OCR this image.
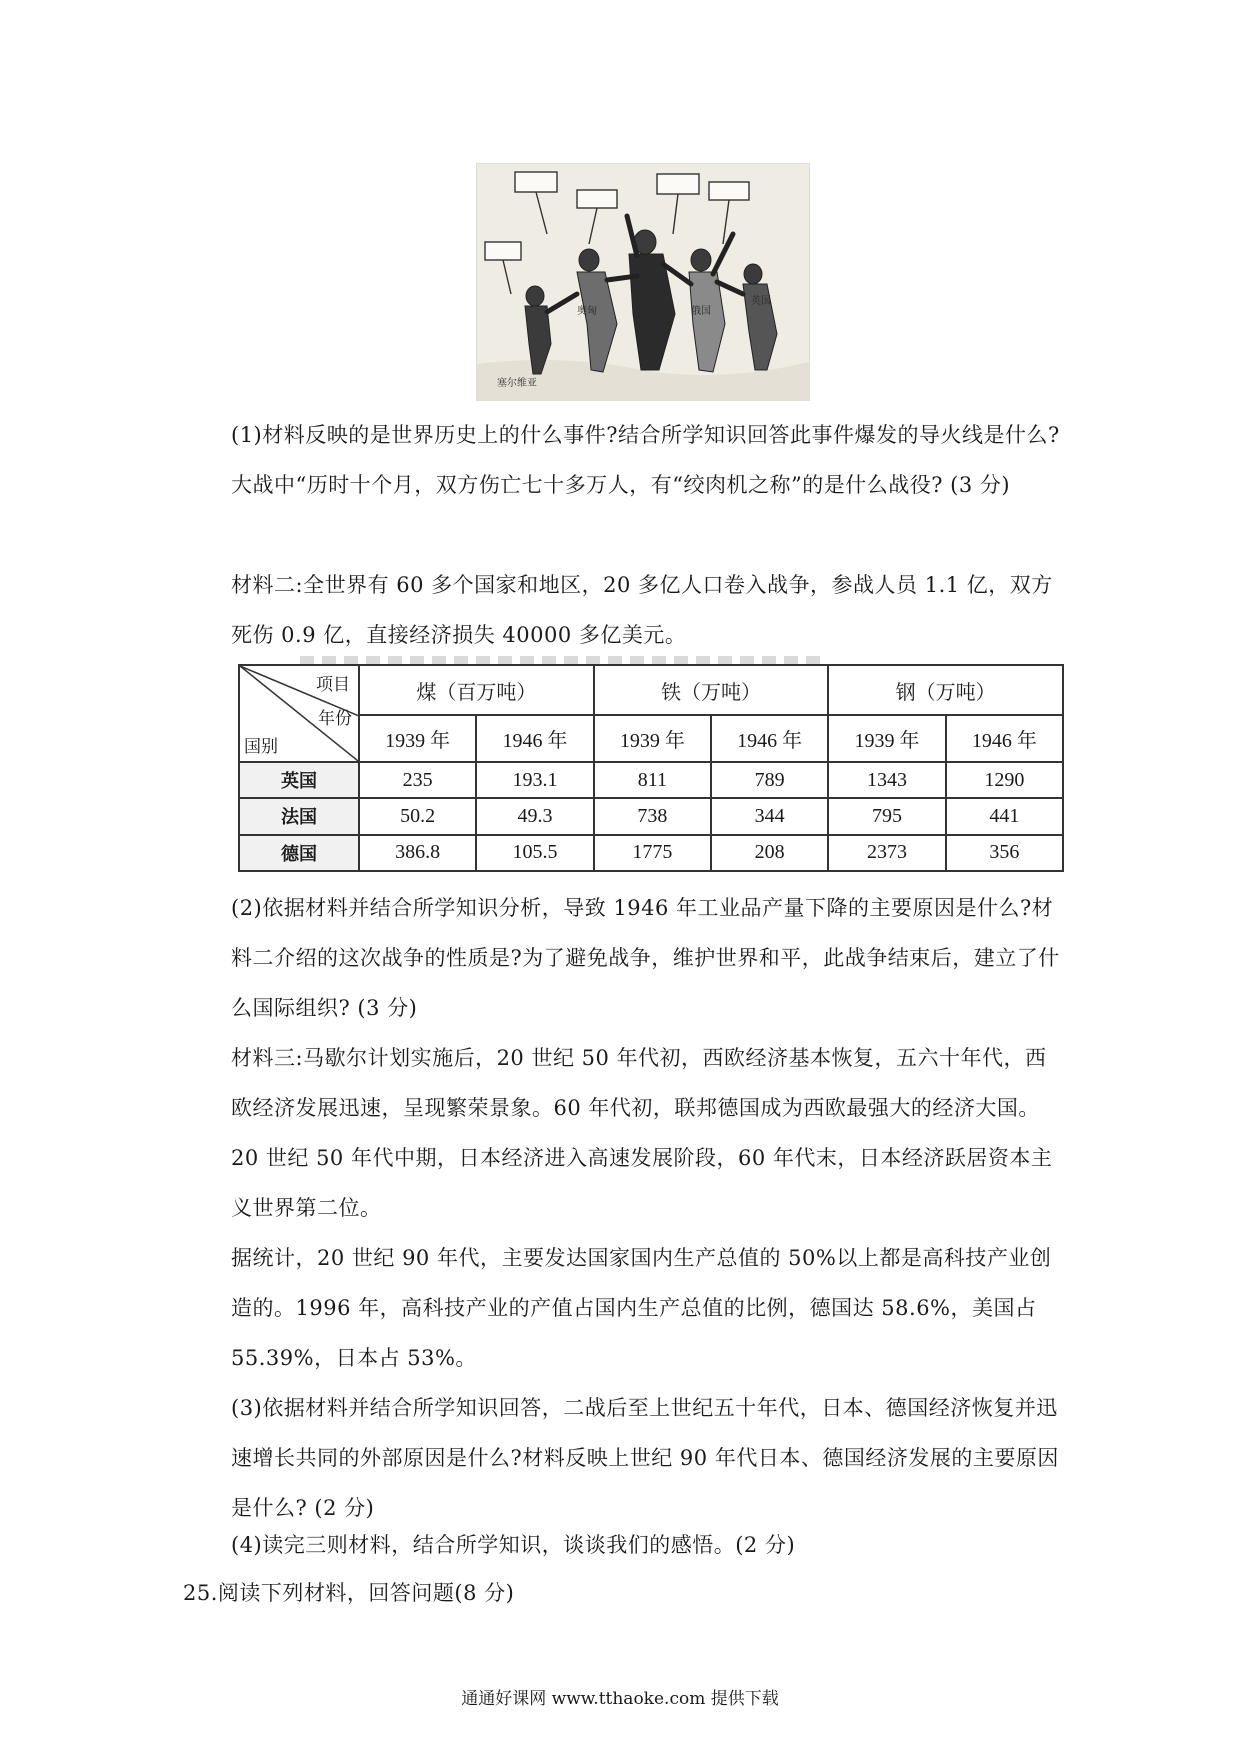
奥匈
德国
俄国
英国
塞尔维亚

(1)材料反映的是世界历史上的什么事件?结合所学知识回答此事件爆发的导火线是什么?大战中“历时十个月，双方伤亡七十多万人，有“绞肉机之称”的是什么战役? (3 分)

材料二:全世界有 60 多个国家和地区，20 多亿人口卷入战争，参战人员 1.1 亿，双方死伤 0.9 亿，直接经济损失 40000 多亿美元。

项目
年份
国别	煤（百万吨）		铁（万吨）		钢（万吨）	
	1939 年	1946 年	1939 年	1946 年	1939 年	1946 年
英国	235	193.1	811	789	1343	1290
法国	50.2	49.3	738	344	795	441
德国	386.8	105.5	1775	208	2373	356

(2)依据材料并结合所学知识分析，导致 1946 年工业品产量下降的主要原因是什么?材料二介绍的这次战争的性质是?为了避免战争，维护世界和平，此战争结束后，建立了什么国际组织? (3 分)

材料三:马歇尔计划实施后，20 世纪 50 年代初，西欧经济基本恢复，五六十年代，西欧经济发展迅速，呈现繁荣景象。60 年代初，联邦德国成为西欧最强大的经济大国。20 世纪 50 年代中期，日本经济进入高速发展阶段，60 年代末，日本经济跃居资本主义世界第二位。

据统计，20 世纪 90 年代，主要发达国家国内生产总值的 50%以上都是高科技产业创造的。1996 年，高科技产业的产值占国内生产总值的比例，德国达 58.6%，美国占 55.39%，日本占 53%。

(3)依据材料并结合所学知识回答，二战后至上世纪五十年代，日本、德国经济恢复并迅速增长共同的外部原因是什么?材料反映上世纪 90 年代日本、德国经济发展的主要原因是什么? (2 分)

(4)读完三则材料，结合所学知识，谈谈我们的感悟。(2 分)
25.阅读下列材料，回答问题(8 分)
通通好课网 www.tthaoke.com 提供下载
